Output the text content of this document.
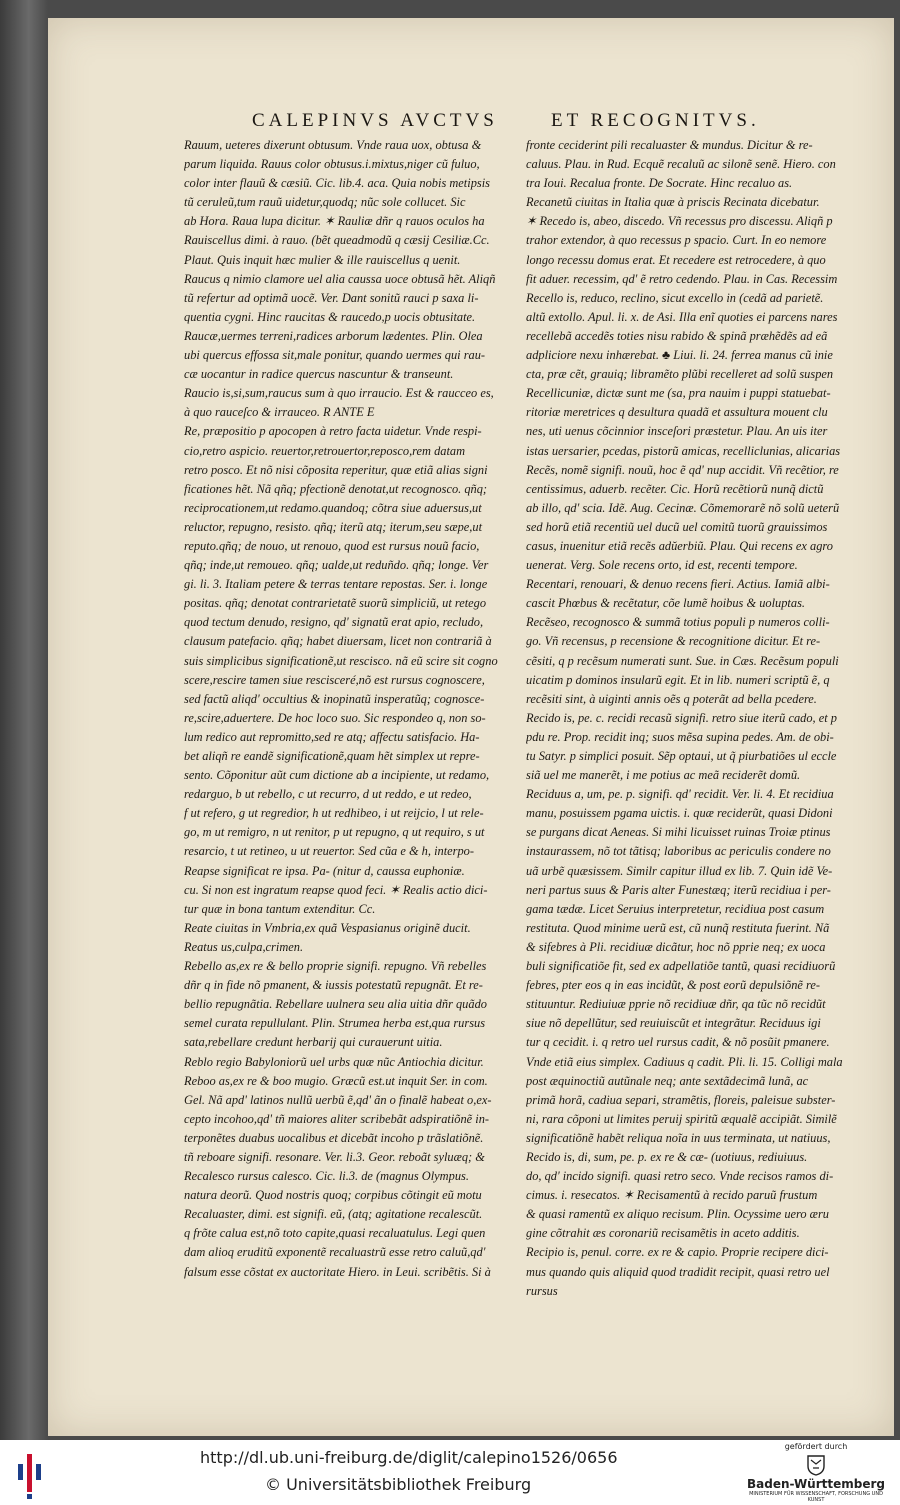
CALEPINVS AVCTVS	ET RECOGNITVS.
Rauum, ueteres dixerunt obtusum. Vnde raua uox, obtusa &
parum liquida. Rauus color obtusus.i.mixtus,niger cũ fuluo,
color inter flauũ & cæsiũ. Cic. lib.4. aca. Quia nobis metipsis
tũ ceruleũ,tum rauũ uidetur,quodq; nũc sole collucet. Sic
ab Hora. Raua lupa dicitur. ✶ Rauliæ dñr q rauos oculos ha
Rauiscellus dimi. à rauo. (bẽt queadmodũ q cæsij Cesiliæ.Cc.
Plaut. Quis inquit hæc mulier & ille rauiscellus q uenit.
Raucus q nimio clamore uel alia caussa uoce obtusã hẽt. Aliqñ
tũ refertur ad optimã uocẽ. Ver. Dant sonitũ rauci p saxa li-
quentia cygni. Hinc raucitas & raucedo,p uocis obtusitate.
Raucæ,uermes terreni,radices arborum lædentes. Plin. Olea
ubi quercus effossa sit,male ponitur, quando uermes qui rau-
cæ uocantur in radice quercus nascuntur & transeunt.
Raucio is,si,sum,raucus sum à quo irraucio. Est & raucceo es,
à quo rauceſco & irrauceo. R ANTE E
Re, præpositio p apocopen à retro facta uidetur. Vnde respi-
cio,retro aspicio. reuertor,retrouertor,reposco,rem datam
retro posco. Et nõ nisi cõposita reperitur, quæ etiã alias signi
ficationes hẽt. Nã qñq; pfectionẽ denotat,ut recognosco. qñq;
reciprocationem,ut redamo.quandoq; cõtra siue aduersus,ut
reluctor, repugno, resisto. qñq; iterũ atq; iterum,seu sæpe,ut
reputo.qñq; de nouo, ut renouo, quod est rursus nouũ facio,
qñq; inde,ut remoueo. qñq; ualde,ut reduñdo. qñq; longe. Ver
gi. li. 3. Italiam petere & terras tentare repostas. Ser. i. longe
positas. qñq; denotat contrarietatẽ suorũ simpliciũ, ut retego
quod tectum denudo, resigno, qd' signatũ erat apio, recludo,
clausum patefacio. qñq; habet diuersam, licet non contrariã à
suis simplicibus significationẽ,ut rescisco. nã eũ scire sit cogno
scere,rescire tamen siue rescisceré,nõ est rursus cognoscere,
sed factũ aliqd' occultius & inopinatũ insperatũq; cognosce-
re,scire,aduertere. De hoc loco suo. Sic respondeo q, non so-
lum redico aut repromitto,sed re atq; affectu satisfacio. Ha-
bet aliqñ re eandẽ significationẽ,quam hẽt simplex ut repre-
sento. Cõponitur aũt cum dictione ab a incipiente, ut redamo,
redarguo, b ut rebello, c ut recurro, d ut reddo, e ut redeo,
f ut refero, g ut regredior, h ut redhibeo, i ut reijcio, l ut rele-
go, m ut remigro, n ut renitor, p ut repugno, q ut requiro, s ut
resarcio, t ut retineo, u ut reuertor. Sed cũa e & h, interpo-
Reapse significat re ipsa. Pa- (nitur d, caussa euphoniæ.
cu. Si non est ingratum reapse quod feci. ✶ Realis actio dici-
tur quæ in bona tantum extenditur. Cc.
Reate ciuitas in Vmbria,ex quã Vespasianus originẽ ducit.
Reatus us,culpa,crimen.
Rebello as,ex re & bello proprie signifi. repugno. Vñ rebelles
dñr q in fide nõ pmanent, & iussis potestatũ repugnãt. Et re-
bellio repugnãtia. Rebellare uulnera seu alia uitia dñr quãdo
semel curata repullulant. Plin. Strumea herba est,qua rursus
sata,rebellare credunt herbarij qui curauerunt uitia.
Reblo regio Babyloniorũ uel urbs quæ nũc Antiochia dicitur.
Reboo as,ex re & boo mugio. Græcũ est.ut inquit Ser. in com.
Gel. Nã apd' latinos nullũ uerbũ ẽ,qd' ãn o finalẽ habeat o,ex-
cepto incohoo,qd' tñ maiores aliter scribebãt adspiratiõnẽ in-
terponẽtes duabus uocalibus et dicebãt incoho p trãslatiõnẽ.
tñ reboare signifi. resonare. Ver. li.3. Geor. reboãt syluæq; &
Recalesco rursus calesco. Cic. li.3. de (magnus Olympus.
natura deorũ. Quod nostris quoq; corpibus cõtingit eũ motu
Recaluaster, dimi. est signifi. eũ, (atq; agitatione recalescũt.
q frõte calua est,nõ toto capite,quasi recaluatulus. Legi quen
dam alioq eruditũ exponentẽ recaluastrũ esse retro caluũ,qd'
falsum esse cõstat ex auctoritate Hiero. in Leui. scribẽtis. Si à
fronte ceciderint pili recaluaster & mundus. Dicitur & re-
caluus. Plau. in Rud. Ecquẽ recaluũ ac silonẽ senẽ. Hiero. con
tra Ioui. Recalua fronte. De Socrate. Hinc recaluo as.
Recanetũ ciuitas in Italia quæ à priscis Recinata dicebatur.
✶ Recedo is, abeo, discedo. Vñ recessus pro discessu. Aliqñ p
trahor extendor, à quo recessus p spacio. Curt. In eo nemore
longo recessu domus erat. Et recedere est retrocedere, à quo
fit aduer. recessim, qd' ẽ retro cedendo. Plau. in Cas. Recessim
Recello is, reduco, reclino, sicut excello in (cedã ad parietẽ.
altũ extollo. Apul. li. x. de Asi. Illa enĩ quoties ei parcens nares
recellebã accedẽs toties nisu rabido & spinã præhẽdẽs ad eã
adpliciore nexu inhærebat. ♣ Liui. li. 24. ferrea manus cũ inie
cta, præ cẽt, grauiq; libramẽto plũbi recelleret ad solũ suspen
Recellicuniæ, dictæ sunt me (sa, pra nauim i puppi statuebat-
ritoriæ meretrices q desultura quadã et assultura mouent clu
nes, uti uenus cõcinnior insceſori præstetur. Plau. An uis iter
istas uersarier, pcedas, pistorũ amicas, recelliclunias, alicarias
Recẽs, nomẽ signifi. nouũ, hoc ẽ qd' nup accidit. Vñ recẽtior, re
centissimus, aduerb. recẽter. Cic. Horũ recẽtiorũ nunq̃ dictũ
ab illo, qd' scia. Idẽ. Aug. Cecinæ. Cõmemorarẽ nõ solũ ueterũ
sed horũ etiã recentiũ uel ducũ uel comitũ tuorũ grauissimos
casus, inuenitur etiã recẽs adŭerbiũ. Plau. Qui recens ex agro
uenerat. Verg. Sole recens orto, id est, recenti tempore.
Recentari, renouari, & denuo recens fieri. Actius. Iamiã albi-
cascit Phœbus & recẽtatur, cõe lumẽ hoibus & uoluptas.
Recẽseo, recognosco & summã totius populi p numeros colli-
go. Vñ recensus, p recensione & recognitione dicitur. Et re-
cẽsiti, q p recẽsum numerati sunt. Sue. in Cæs. Recẽsum populi
uicatim p dominos insularũ egit. Et in lib. numeri scriptũ ẽ, q
recẽsiti sint, à uiginti annis oẽs q poterãt ad bella pcedere.
Recido is, pe. c. recidi recasũ signifi. retro siue iterũ cado, et p
pdu re. Prop. recidit inq; suos mẽsa supina pedes. Am. de obi-
tu Satyr. p simplici posuit. Sẽp optaui, ut q̃ piurbatiões ul eccle
siã uel me manerẽt, i me potius ac meã reciderẽt domũ.
Reciduus a, um, pe. p. signifi. qd' recidit. Ver. li. 4. Et recidiua
manu, posuissem pgama uictis. i. quæ reciderũt, quasi Didoni
se purgans dicat Aeneas. Si mihi licuisset ruinas Troiæ ptinus
instaurassem, nõ tot tãtisq; laboribus ac periculis condere no
uã urbẽ quæsissem. Similr capitur illud ex lib. 7. Quin idẽ Ve-
neri partus suus & Paris alter Funestæq; iterũ recidiua i per-
gama tædæ. Licet Seruius interpretetur, recidiua post casum
restituta. Quod minime uerũ est, cũ nunq̃ restituta fuerint. Nã
& sifebres à Pli. recidiuæ dicãtur, hoc nõ pprie neq; ex uoca
buli significatiõe fit, sed ex adpellatiõe tantũ, quasi recidiuorũ
febres, pter eos q in eas incidũt, & post eorũ depulsiõnẽ re-
stituuntur. Rediuiuæ pprie nõ recidiuæ dñr, qa tũc nõ recidũt
siue nõ depellũtur, sed reuiuiscũt et integrãtur. Reciduus igi
tur q cecidit. i. q retro uel rursus cadit, & nõ posũit pmanere.
Vnde etiã eius simplex. Cadiuus q cadit. Pli. li. 15. Colligi mala
post æquinoctiũ autũnale neq; ante sextãdecimã lunã, ac
primã horã, cadiua separi, stramẽtis, floreis, paleisue subster-
ni, rara cõponi ut limites peruij spiritũ æqualẽ accipiãt. Similẽ
significatiõnẽ habẽt reliqua noĩa in uus terminata, ut natiuus,
Recido is, di, sum, pe. p. ex re & cæ- (uotiuus, rediuiuus.
do, qd' incido signifi. quasi retro seco. Vnde recisos ramos di-
cimus. i. resecatos. ✶ Recisamentũ à recido paruũ frustum
& quasi ramentũ ex aliquo recisum. Plin. Ocyssime uero æru
gine cõtrahit æs coronariũ recisamẽtis in aceto additis.
Recipio is, penul. corre. ex re & capio. Proprie recipere dici-
mus quando quis aliquid quod tradidit recipit, quasi retro uel
rursus
http://dl.ub.uni-freiburg.de/diglit/calepino1526/0656
© Universitätsbibliothek Freiburg
gefördert durch
Baden-Württemberg
MINISTERIUM FÜR WISSENSCHAFT, FORSCHUNG UND KUNST
